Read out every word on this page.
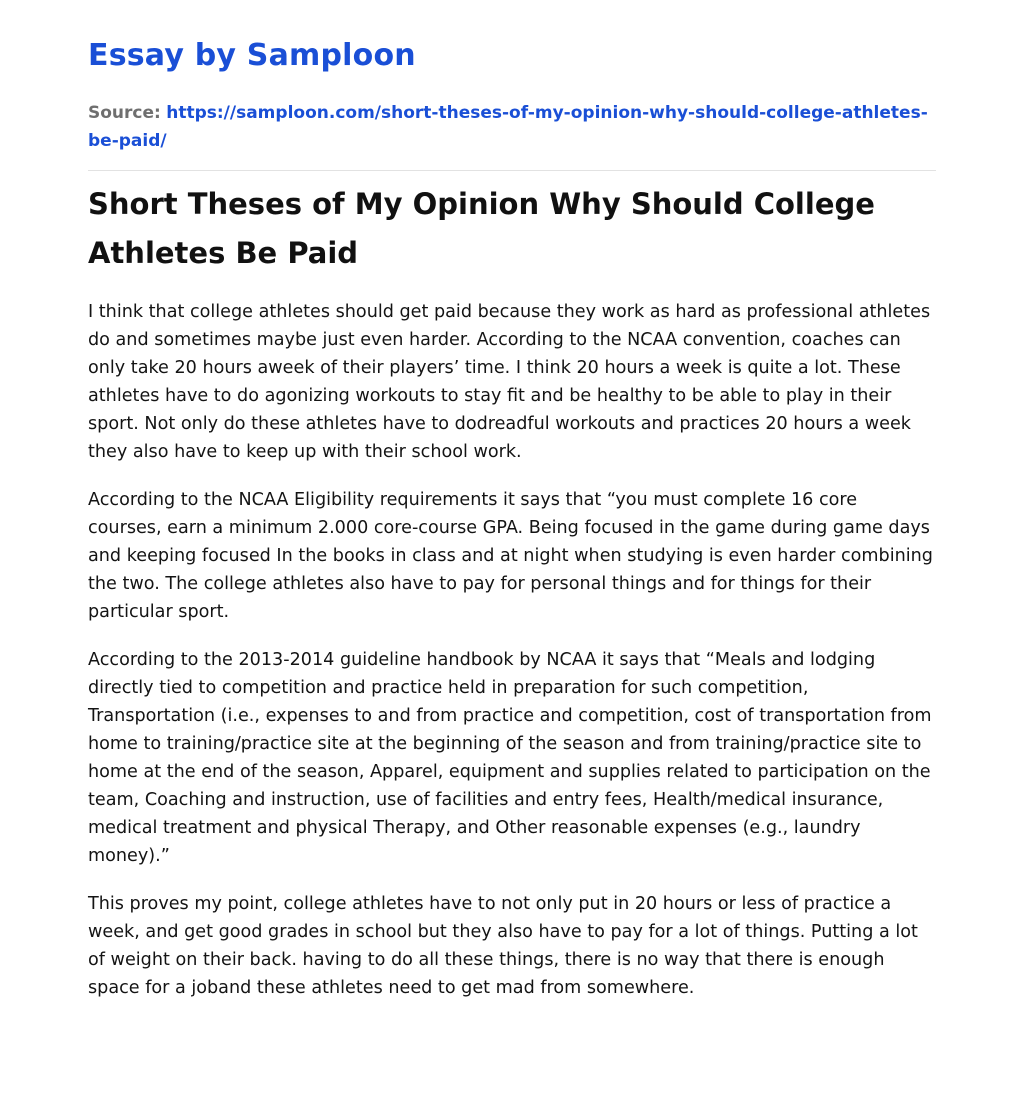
Essay by Samploon
Source: https://samploon.com/short-theses-of-my-opinion-why-should-college-athletes-be-paid/
Short Theses of My Opinion Why Should College Athletes Be Paid

I think that college athletes should get paid because they work as hard as professional athletes do and sometimes maybe just even harder. According to the NCAA convention, coaches can only take 20 hours aweek of their players’ time. I think 20 hours a week is quite a lot. These athletes have to do agonizing workouts to stay fit and be healthy to be able to play in their sport. Not only do these athletes have to dodreadful workouts and practices 20 hours a week they also have to keep up with their school work.

According to the NCAA Eligibility requirements it says that “you must complete 16 core courses, earn a minimum 2.000 core-course GPA. Being focused in the game during game days and keeping focused In the books in class and at night when studying is even harder combining the two. The college athletes also have to pay for personal things and for things for their particular sport.

According to the 2013-2014 guideline handbook by NCAA it says that “Meals and lodging directly tied to competition and practice held in preparation for such competition, Transportation (i.e., expenses to and from practice and competition, cost of transportation from home to training/practice site at the beginning of the season and from training/practice site to home at the end of the season, Apparel, equipment and supplies related to participation on the team, Coaching and instruction, use of facilities and entry fees, Health/medical insurance, medical treatment and physical Therapy, and Other reasonable expenses (e.g., laundry money).”

This proves my point, college athletes have to not only put in 20 hours or less of practice a week, and get good grades in school but they also have to pay for a lot of things. Putting a lot of weight on their back. having to do all these things, there is no way that there is enough space for a joband these athletes need to get mad from somewhere.
